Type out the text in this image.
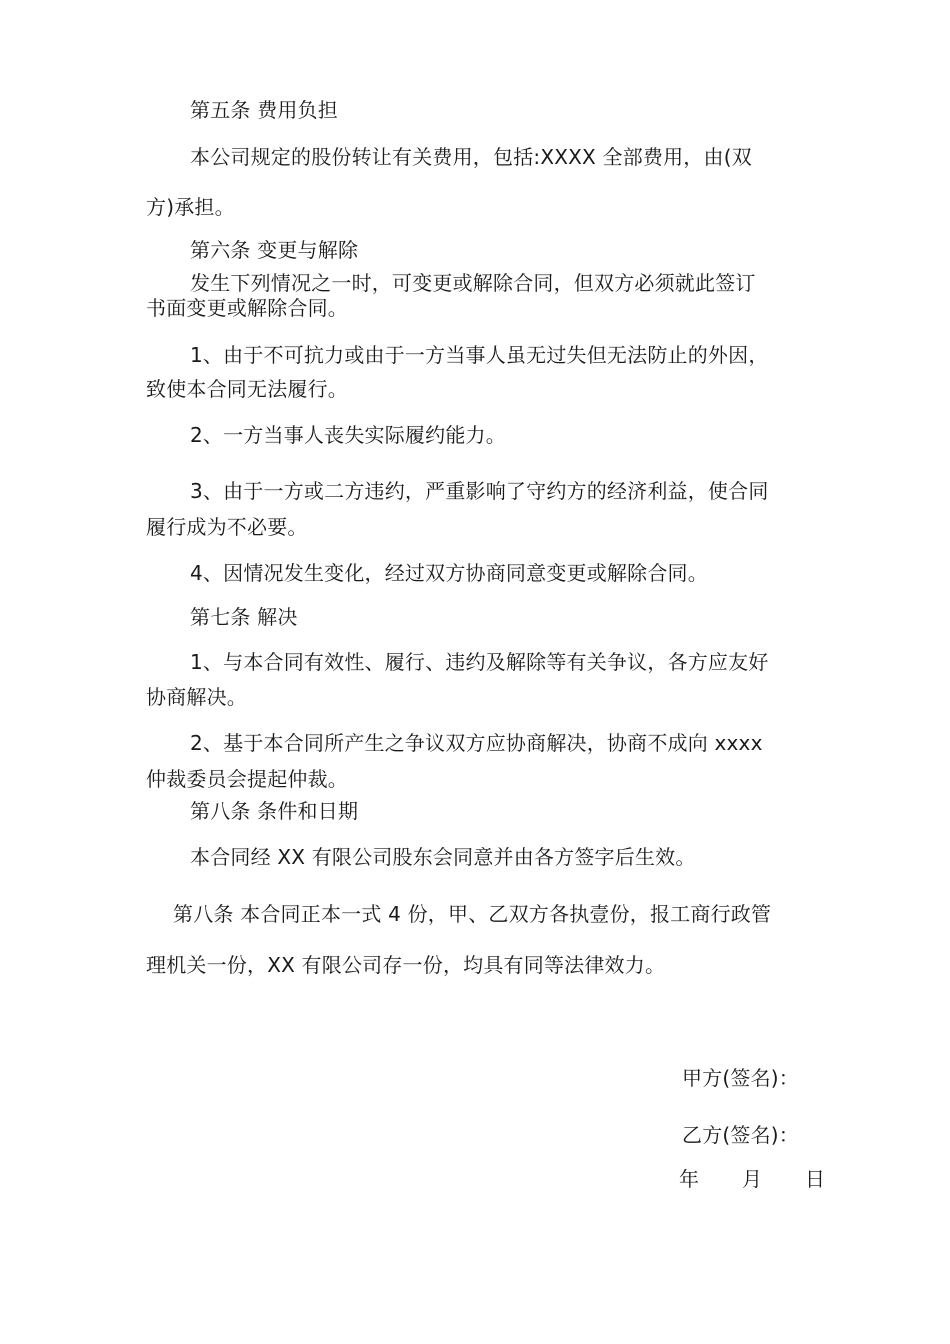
第五条 费用负担
本公司规定的股份转让有关费用，包括:XXXX 全部费用，由(双
方)承担。
第六条 变更与解除
发生下列情况之一时，可变更或解除合同，但双方必须就此签订
书面变更或解除合同。
1、由于不可抗力或由于一方当事人虽无过失但无法防止的外因，
致使本合同无法履行。
2、一方当事人丧失实际履约能力。
3、由于一方或二方违约，严重影响了守约方的经济利益，使合同
履行成为不必要。
4、因情况发生变化，经过双方协商同意变更或解除合同。
第七条 解决
1、与本合同有效性、履行、违约及解除等有关争议，各方应友好
协商解决。
2、基于本合同所产生之争议双方应协商解决，协商不成向 xxxx
仲裁委员会提起仲裁。
第八条 条件和日期
本合同经 XX 有限公司股东会同意并由各方签字后生效。
第八条 本合同正本一式 4 份，甲、乙双方各执壹份，报工商行政管
理机关一份，XX 有限公司存一份，均具有同等法律效力。
甲方(签名)：
乙方(签名)：
年　　月　　日
